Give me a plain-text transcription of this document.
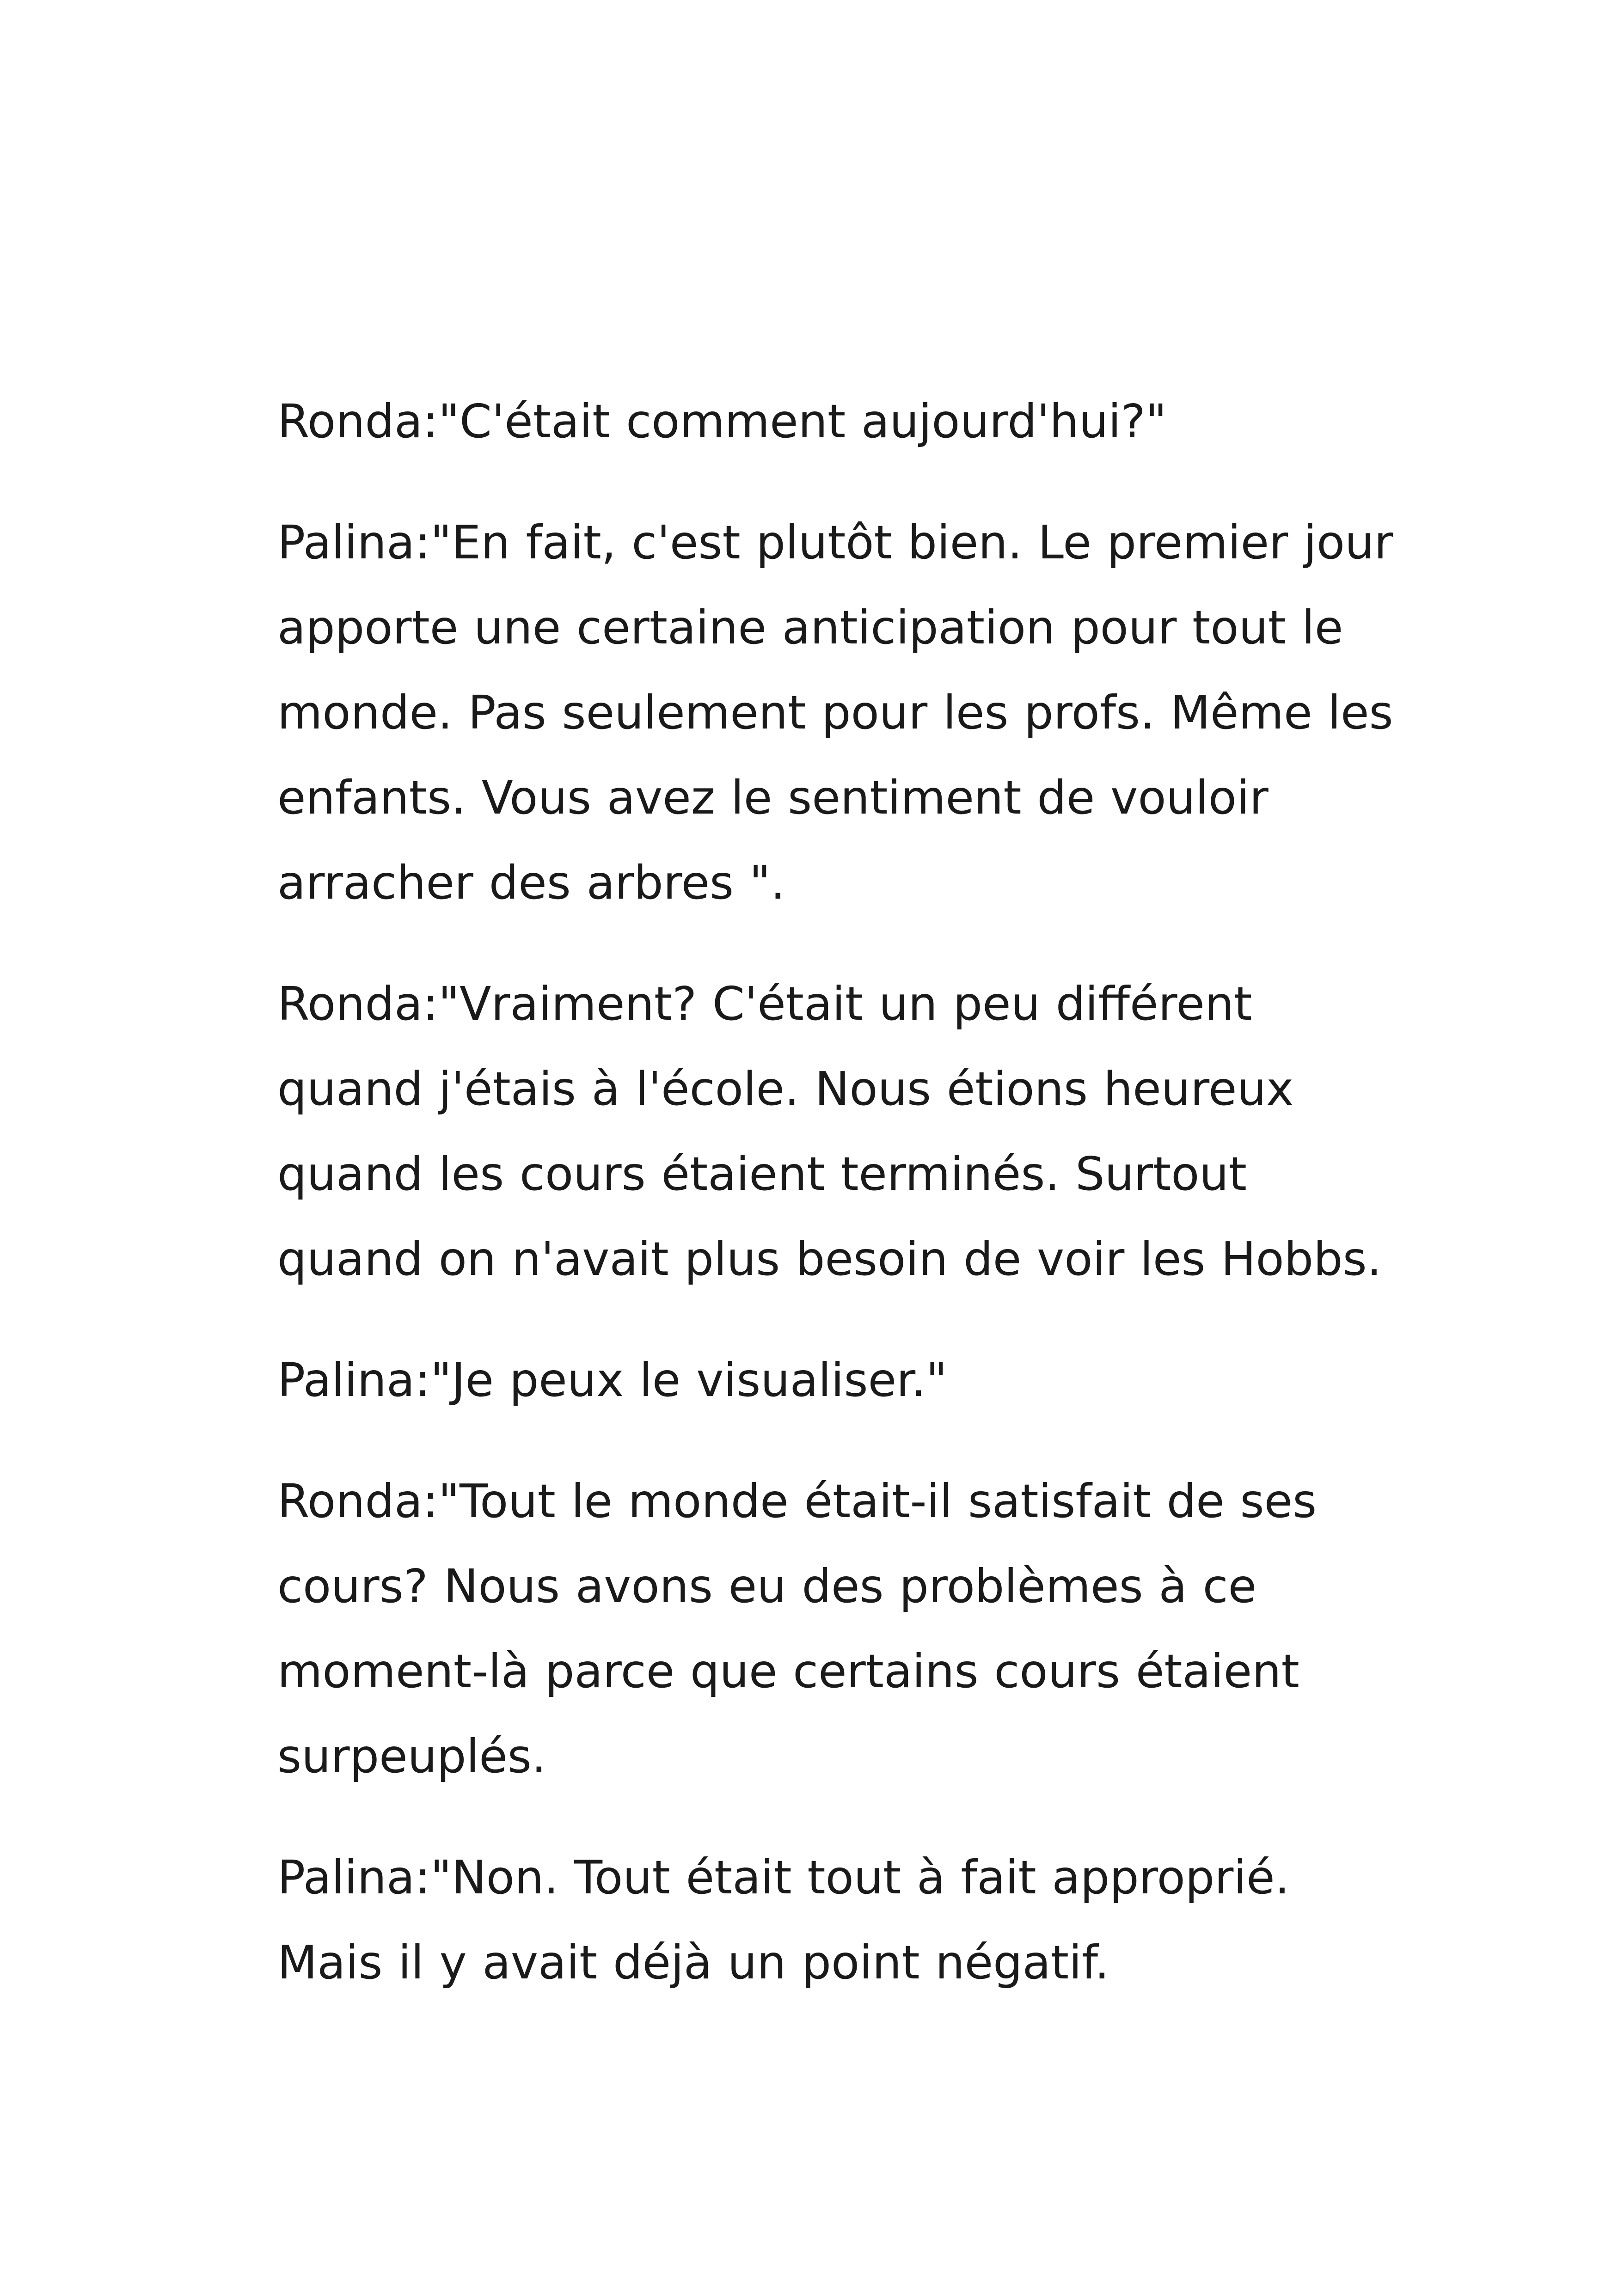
Ronda:"C'était comment aujourd'hui?"

Palina:"En fait, c'est plutôt bien. Le premier jour
apporte une certaine anticipation pour tout le
monde. Pas seulement pour les profs. Même les
enfants. Vous avez le sentiment de vouloir
arracher des arbres ".

Ronda:"Vraiment? C'était un peu différent
quand j'étais à l'école. Nous étions heureux
quand les cours étaient terminés. Surtout
quand on n'avait plus besoin de voir les Hobbs.

Palina:"Je peux le visualiser."

Ronda:"Tout le monde était-il satisfait de ses
cours? Nous avons eu des problèmes à ce
moment-là parce que certains cours étaient
surpeuplés.

Palina:"Non. Tout était tout à fait approprié.
Mais il y avait déjà un point négatif.
